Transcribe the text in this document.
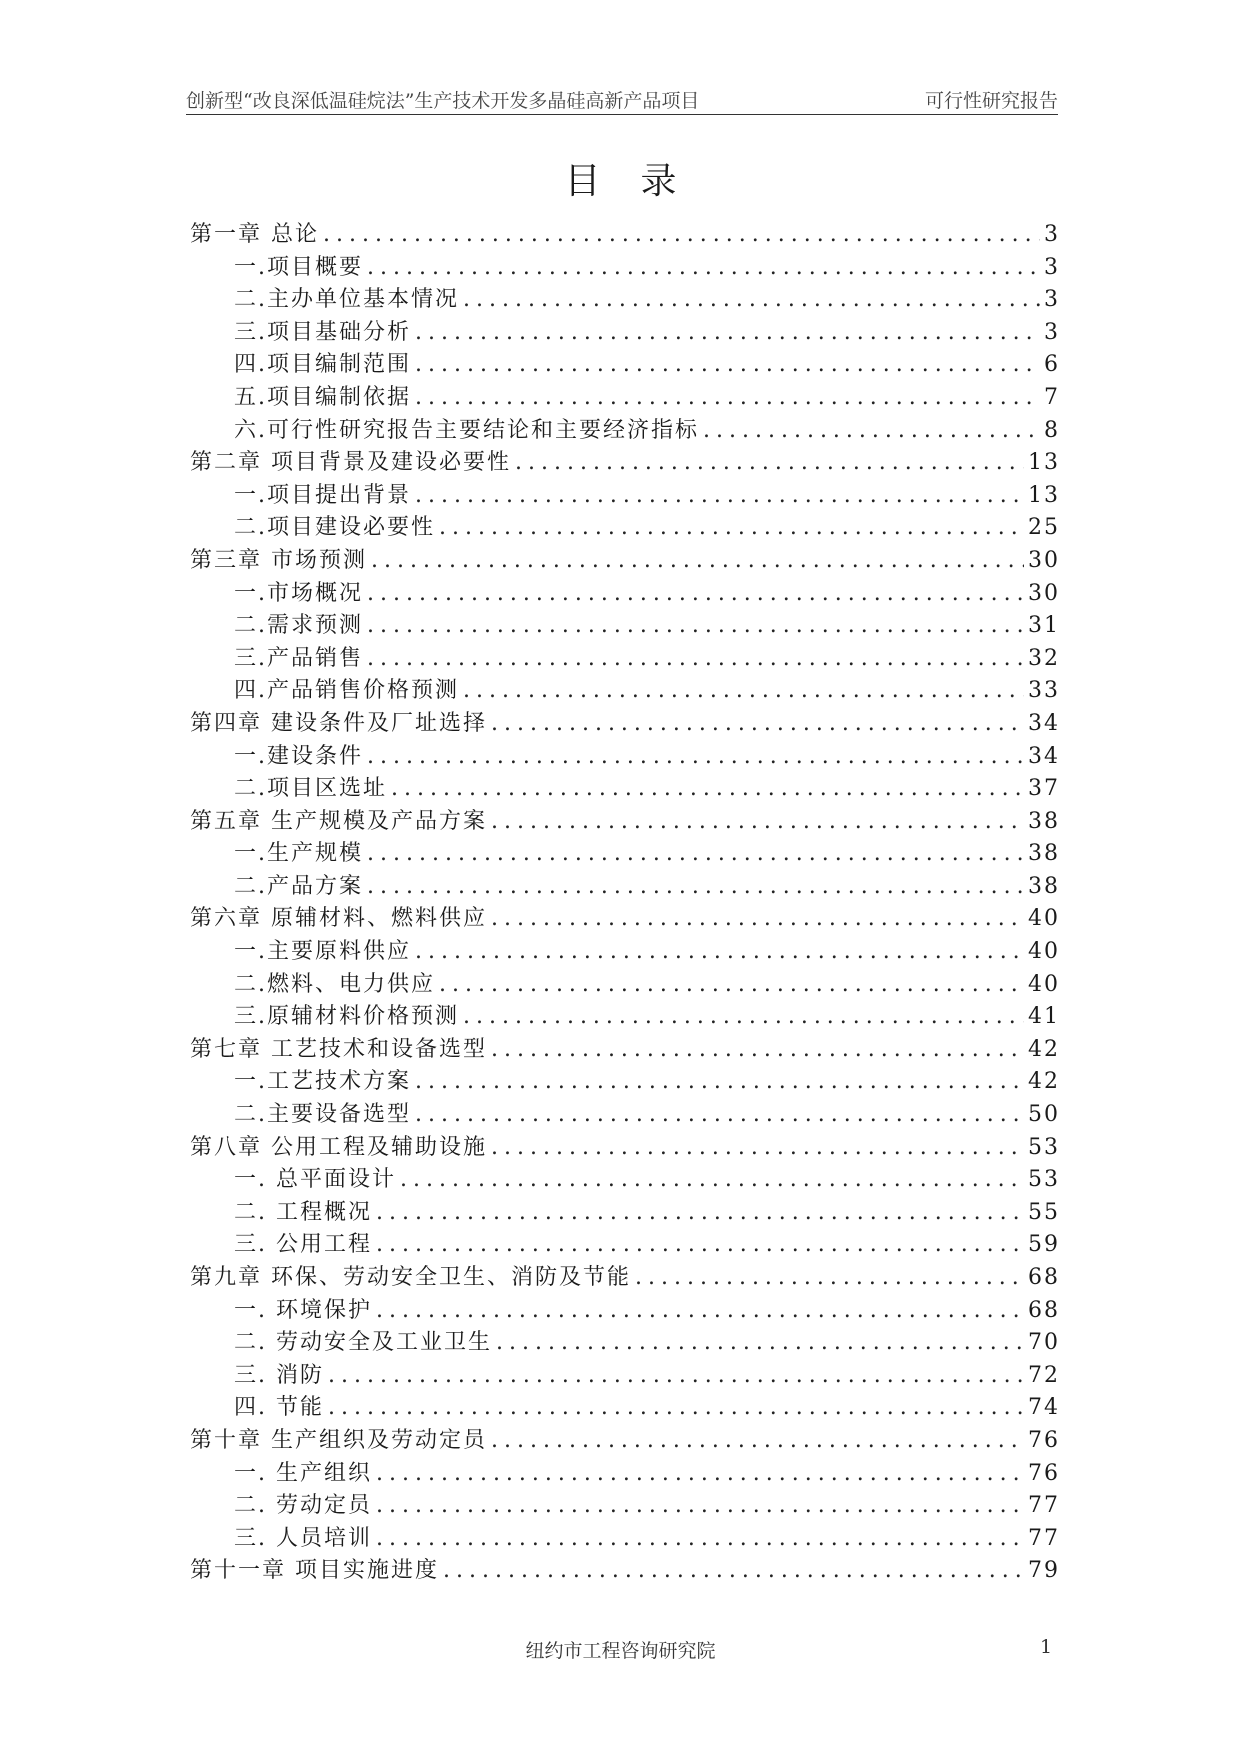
创新型“改良深低温硅烷法”生产技术开发多晶硅高新产品项目	可行性研究报告
目录
第一章 总论 .....	3
一.项目概要 .....	3
二.主办单位基本情况 .....	3
三.项目基础分析 .....	3
四.项目编制范围 .....	6
五.项目编制依据 .....	7
六.可行性研究报告主要结论和主要经济指标 .....	8
第二章 项目背景及建设必要性 .....	13
一.项目提出背景 .....	13
二.项目建设必要性 .....	25
第三章 市场预测 .....	30
一.市场概况 .....	30
二.需求预测 .....	31
三.产品销售 .....	32
四.产品销售价格预测 .....	33
第四章 建设条件及厂址选择 .....	34
一.建设条件 .....	34
二.项目区选址 .....	37
第五章 生产规模及产品方案 .....	38
一.生产规模 .....	38
二.产品方案 .....	38
第六章 原辅材料、燃料供应 .....	40
一.主要原料供应 .....	40
二.燃料、电力供应 .....	40
三.原辅材料价格预测 .....	41
第七章 工艺技术和设备选型 .....	42
一.工艺技术方案 .....	42
二.主要设备选型 .....	50
第八章 公用工程及辅助设施 .....	53
一. 总平面设计 .....	53
二. 工程概况 .....	55
三. 公用工程 .....	59
第九章 环保、劳动安全卫生、消防及节能 .....	68
一. 环境保护 .....	68
二. 劳动安全及工业卫生 .....	70
三. 消防 .....	72
四. 节能 .....	74
第十章 生产组织及劳动定员 .....	76
一. 生产组织 .....	76
二. 劳动定员 .....	77
三. 人员培训 .....	77
第十一章 项目实施进度 .....	79
纽约市工程咨询研究院	1
